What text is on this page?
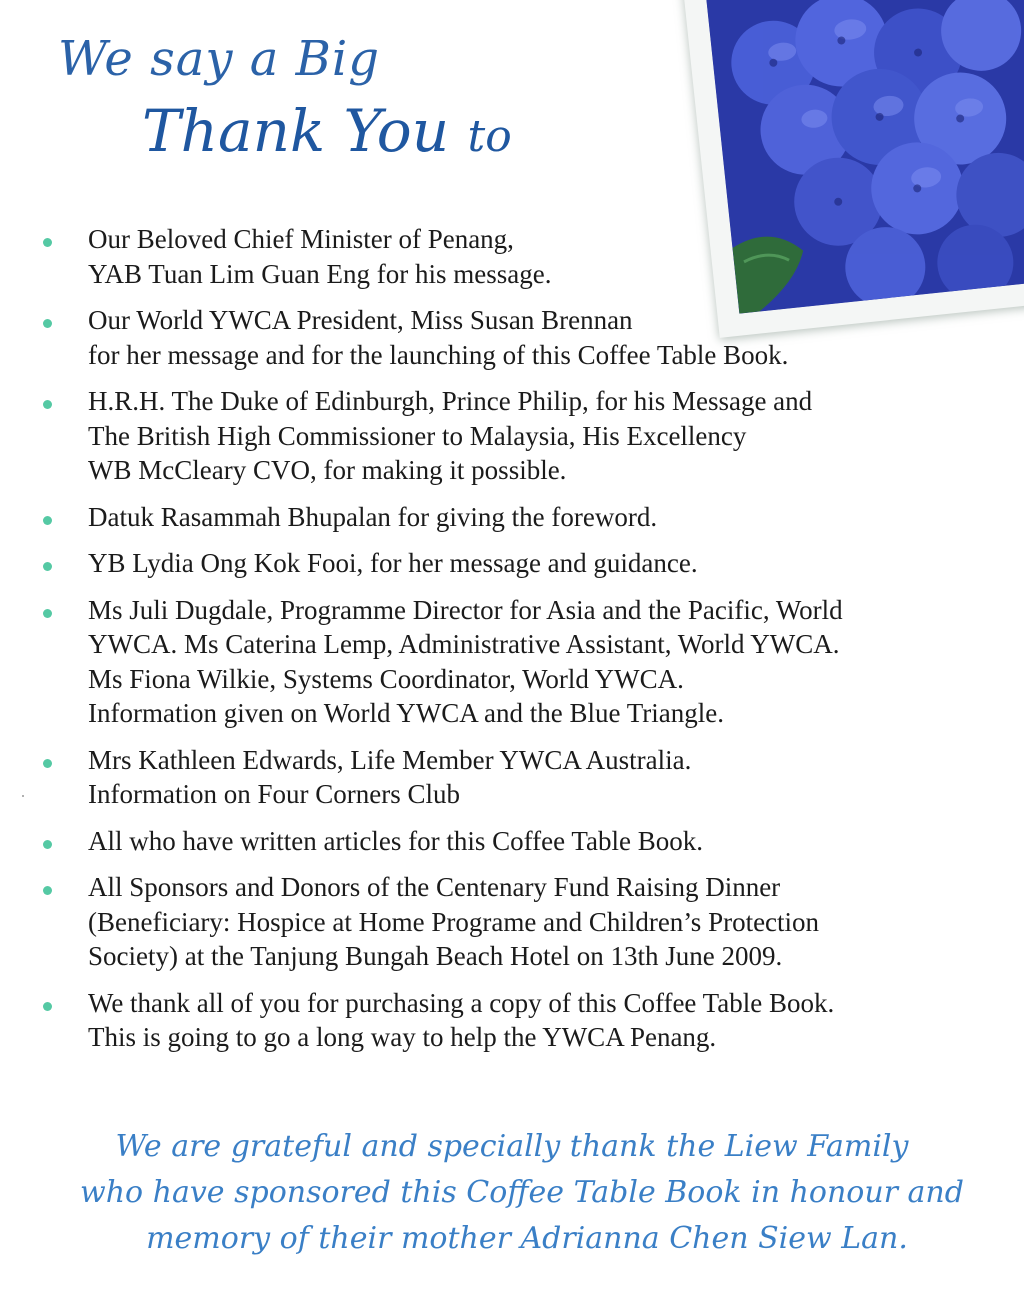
We say a Big
Thank You to
Our Beloved Chief Minister of Penang,
YAB Tuan Lim Guan Eng for his message.
Our World YWCA President, Miss Susan Brennan
for her message and for the launching of this Coffee Table Book.
H.R.H. The Duke of Edinburgh, Prince Philip, for his Message and
The British High Commissioner to Malaysia, His Excellency
WB McCleary CVO, for making it possible.
Datuk Rasammah Bhupalan for giving the foreword.
YB Lydia Ong Kok Fooi, for her message and guidance.
Ms Juli Dugdale, Programme Director for Asia and the Pacific, World
YWCA. Ms Caterina Lemp, Administrative Assistant, World YWCA.
Ms Fiona Wilkie, Systems Coordinator, World YWCA.
Information given on World YWCA and the Blue Triangle.
Mrs Kathleen Edwards, Life Member YWCA Australia.
Information on Four Corners Club
All who have written articles for this Coffee Table Book.
All Sponsors and Donors of the Centenary Fund Raising Dinner
(Beneficiary: Hospice at Home Programe and Children’s Protection
Society) at the Tanjung Bungah Beach Hotel on 13th June 2009.
We thank all of you for purchasing a copy of this Coffee Table Book.
This is going to go a long way to help the YWCA Penang.
We are grateful and specially thank the Liew Family
who have sponsored this Coffee Table Book in honour and
memory of their mother Adrianna Chen Siew Lan.
